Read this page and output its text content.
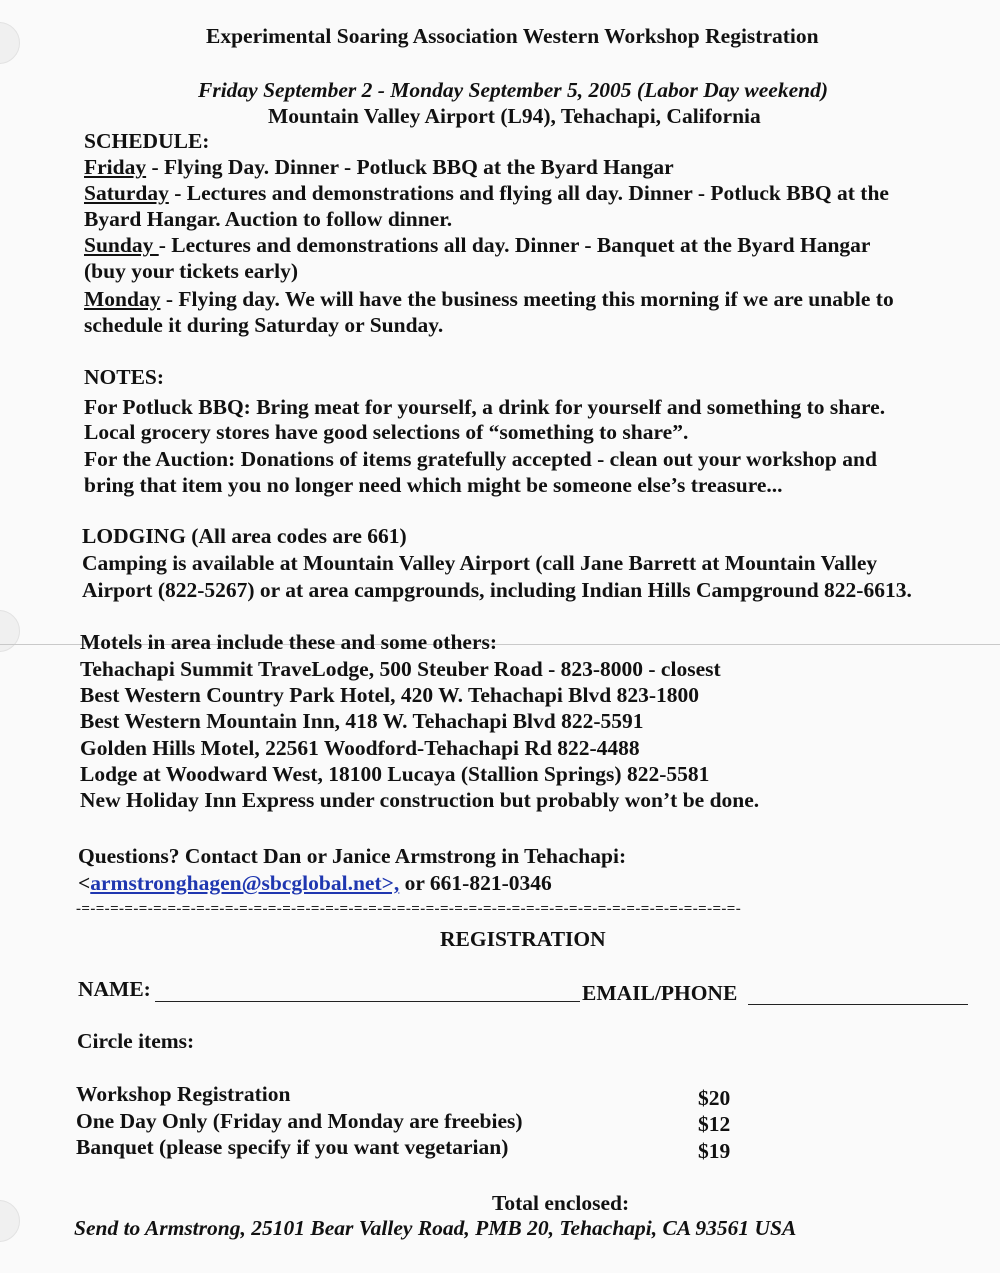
Experimental Soaring Association Western Workshop Registration
Friday September 2 - Monday September 5, 2005 (Labor Day weekend)
Mountain Valley Airport (L94), Tehachapi, California
SCHEDULE:
Friday - Flying Day. Dinner - Potluck BBQ at the Byard Hangar
Saturday - Lectures and demonstrations and flying all day. Dinner - Potluck BBQ at the
Byard Hangar. Auction to follow dinner.
Sunday - Lectures and demonstrations all day. Dinner - Banquet at the Byard Hangar
(buy your tickets early)
Monday - Flying day. We will have the business meeting this morning if we are unable to
schedule it during Saturday or Sunday.
NOTES:
For Potluck BBQ: Bring meat for yourself, a drink for yourself and something to share.
Local grocery stores have good selections of “something to share”.
For the Auction: Donations of items gratefully accepted - clean out your workshop and
bring that item you no longer need which might be someone else’s treasure...
LODGING (All area codes are 661)
Camping is available at Mountain Valley Airport (call Jane Barrett at Mountain Valley
Airport (822-5267) or at area campgrounds, including Indian Hills Campground 822-6613.
Motels in area include these and some others:
Tehachapi Summit TraveLodge, 500 Steuber Road - 823-8000 - closest
Best Western Country Park Hotel, 420 W. Tehachapi Blvd 823-1800
Best Western Mountain Inn, 418 W. Tehachapi Blvd 822-5591
Golden Hills Motel, 22561 Woodford-Tehachapi Rd 822-4488
Lodge at Woodward West, 18100 Lucaya (Stallion Springs) 822-5581
New Holiday Inn Express under construction but probably won’t be done.
Questions? Contact Dan or Janice Armstrong in Tehachapi:
<armstronghagen@sbcglobal.net>, or 661-821-0346
-=-=-=-=-=-=-=-=-=-=-=-=-=-=-=-=-=-=-=-=-=-=-=-=-=-=-=-=-=-=-=-=-=-=-=-=-=-=-=-=-=-=-=-=-=-=-
REGISTRATION
NAME:	EMAIL/PHONE
Circle items:
Workshop Registration	$20
One Day Only (Friday and Monday are freebies)	$12
Banquet (please specify if you want vegetarian)	$19
Total enclosed:
Send to Armstrong, 25101 Bear Valley Road, PMB 20, Tehachapi, CA 93561 USA
